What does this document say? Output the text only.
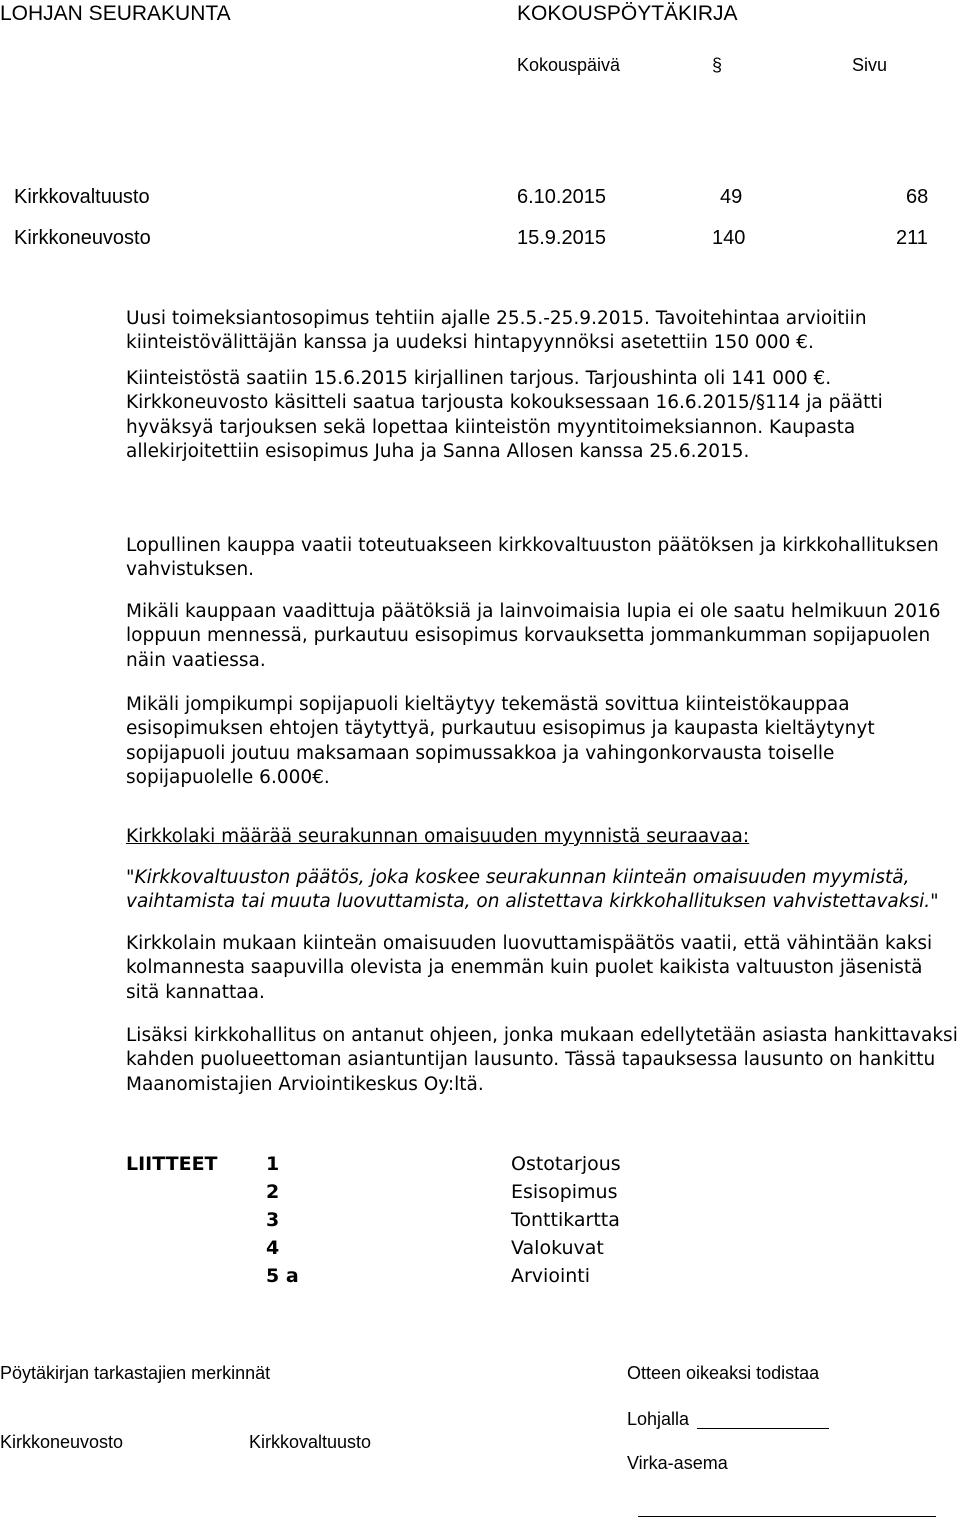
LOHJAN SEURAKUNTA	KOKOUSPÖYTÄKIRJA
Kokouspäivä	§	Sivu
Kirkkovaltuusto	6.10.2015	49	68
Kirkkoneuvosto	15.9.2015	140	211

Uusi toimeksiantosopimus tehtiin ajalle 25.5.-25.9.2015. Tavoitehintaa arvioitiin kiinteistövälittäjän kanssa ja uudeksi hintapyynnöksi asetettiin 150 000 €.

Kiinteistöstä saatiin 15.6.2015 kirjallinen tarjous. Tarjoushinta oli 141 000 €. Kirkkoneuvosto käsitteli saatua tarjousta kokouksessaan 16.6.2015/§114 ja päätti hyväksyä tarjouksen sekä lopettaa kiinteistön myyntitoimeksiannon. Kaupasta allekirjoitettiin esisopimus Juha ja Sanna Allosen kanssa 25.6.2015.

Lopullinen kauppa vaatii toteutuakseen kirkkovaltuuston päätöksen ja kirkkohallituksen vahvistuksen.

Mikäli kauppaan vaadittuja päätöksiä ja lainvoimaisia lupia ei ole saatu helmikuun 2016 loppuun mennessä, purkautuu esisopimus korvauksetta jommankumman sopijapuolen näin vaatiessa.

Mikäli jompikumpi sopijapuoli kieltäytyy tekemästä sovittua kiinteistökauppaa esisopimuksen ehtojen täytyttyä, purkautuu esisopimus ja kaupasta kieltäytynyt sopijapuoli joutuu maksamaan sopimussakkoa ja vahingonkorvausta toiselle sopijapuolelle 6.000€.

Kirkkolaki määrää seurakunnan omaisuuden myynnistä seuraavaa:

"Kirkkovaltuuston päätös, joka koskee seurakunnan kiinteän omaisuuden myymistä, vaihtamista tai muuta luovuttamista, on alistettava kirkkohallituksen vahvistettavaksi."

Kirkkolain mukaan kiinteän omaisuuden luovuttamispäätös vaatii, että vähintään kaksi kolmannesta saapuvilla olevista ja enemmän kuin puolet kaikista valtuuston jäsenistä sitä kannattaa.

Lisäksi kirkkohallitus on antanut ohjeen, jonka mukaan edellytetään asiasta hankittavaksi kahden puolueettoman asiantuntijan lausunto. Tässä tapauksessa lausunto on hankittu Maanomistajien Arviointikeskus Oy:ltä.

LIITTEET	1	Ostotarjous
2	Esisopimus
3	Tonttikartta
4	Valokuvat
5 a	Arviointi
Pöytäkirjan tarkastajien merkinnät
Kirkkoneuvosto	Kirkkovaltuusto
Otteen oikeaksi todistaa
Lohjalla
Virka-asema
